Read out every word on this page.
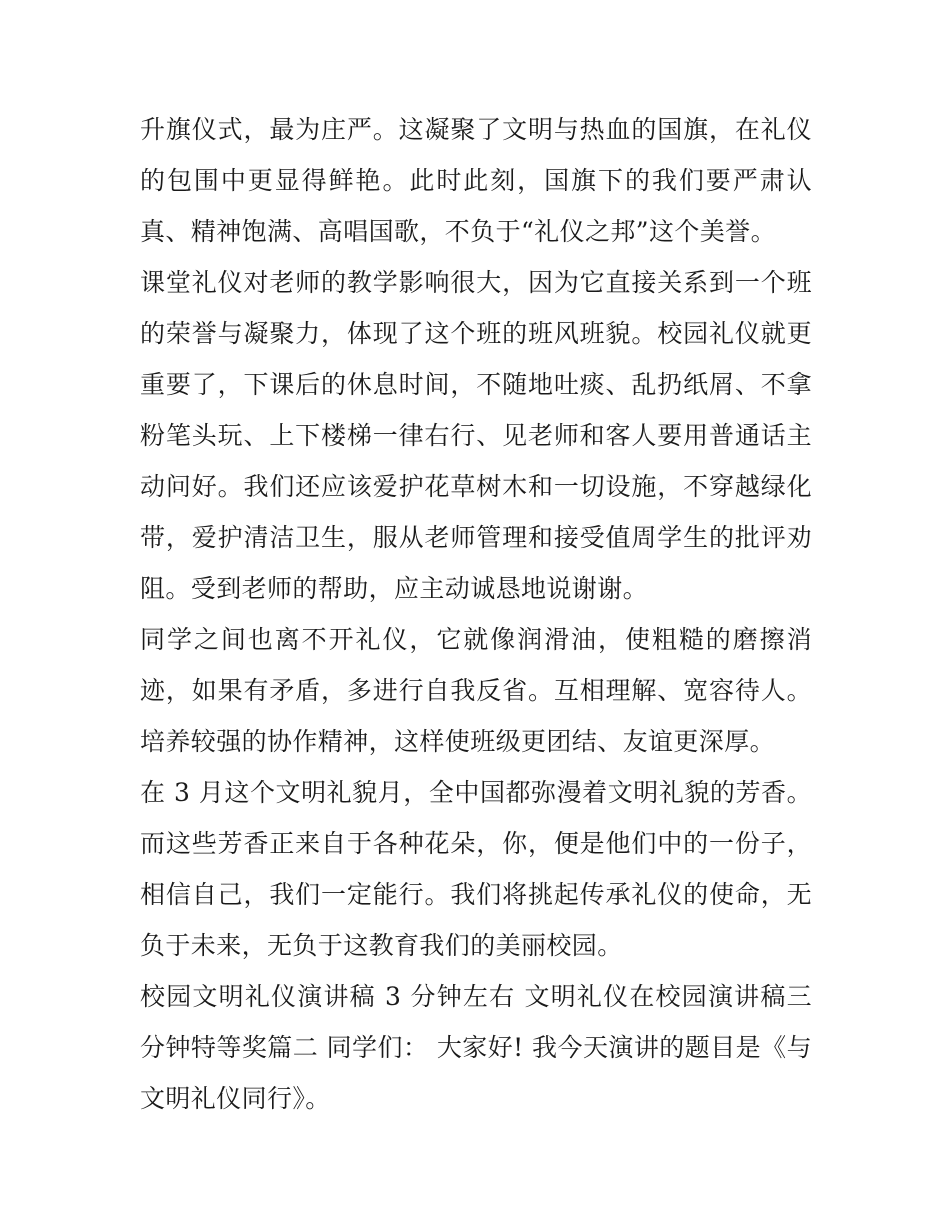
升旗仪式，最为庄严。这凝聚了文明与热血的国旗，在礼仪的包围中更显得鲜艳。此时此刻，国旗下的我们要严肃认真、精神饱满、高唱国歌，不负于“礼仪之邦”这个美誉。

课堂礼仪对老师的教学影响很大，因为它直接关系到一个班的荣誉与凝聚力，体现了这个班的班风班貌。校园礼仪就更重要了，下课后的休息时间，不随地吐痰、乱扔纸屑、不拿粉笔头玩、上下楼梯一律右行、见老师和客人要用普通话主动问好。我们还应该爱护花草树木和一切设施，不穿越绿化带，爱护清洁卫生，服从老师管理和接受值周学生的批评劝阻。受到老师的帮助，应主动诚恳地说谢谢。

同学之间也离不开礼仪，它就像润滑油，使粗糙的磨擦消迹，如果有矛盾，多进行自我反省。互相理解、宽容待人。培养较强的协作精神，这样使班级更团结、友谊更深厚。

在 3 月这个文明礼貌月，全中国都弥漫着文明礼貌的芳香。而这些芳香正来自于各种花朵，你，便是他们中的一份子，相信自己，我们一定能行。我们将挑起传承礼仪的使命，无负于未来，无负于这教育我们的美丽校园。

校园文明礼仪演讲稿 3 分钟左右 文明礼仪在校园演讲稿三分钟特等奖篇二 同学们： 大家好! 我今天演讲的题目是《与文明礼仪同行》。
